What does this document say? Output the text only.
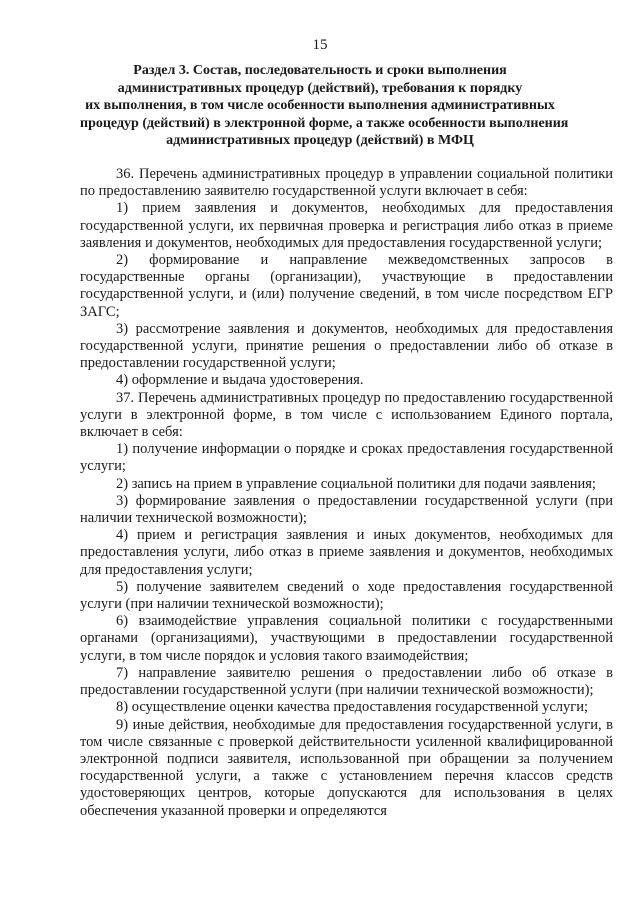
15
Раздел 3. Состав, последовательность и сроки выполнения
административных процедур (действий), требования к порядку
их выполнения, в том числе особенности выполнения административных
процедур (действий) в электронной форме, а также особенности выполнения
административных процедур (действий) в МФЦ

36. Перечень административных процедур в управлении социальной политики по предоставлению заявителю государственной услуги включает в себя:

1) прием заявления и документов, необходимых для предоставления государственной услуги, их первичная проверка и регистрация либо отказ в приеме заявления и документов, необходимых для предоставления государственной услуги;

2) формирование и направление межведомственных запросов в государственные органы (организации), участвующие в предоставлении государственной услуги, и (или) получение сведений, в том числе посредством ЕГР ЗАГС;

3) рассмотрение заявления и документов, необходимых для предоставления государственной услуги, принятие решения о предоставлении либо об отказе в предоставлении государственной услуги;

4) оформление и выдача удостоверения.

37. Перечень административных процедур по предоставлению государственной услуги в электронной форме, в том числе с использованием Единого портала, включает в себя:

1) получение информации о порядке и сроках предоставления государственной услуги;

2) запись на прием в управление социальной политики для подачи заявления;

3) формирование заявления о предоставлении государственной услуги (при наличии технической возможности);

4) прием и регистрация заявления и иных документов, необходимых для предоставления услуги, либо отказ в приеме заявления и документов, необходимых для предоставления услуги;

5) получение заявителем сведений о ходе предоставления государственной услуги (при наличии технической возможности);

6) взаимодействие управления социальной политики с государственными органами (организациями), участвующими в предоставлении государственной услуги, в том числе порядок и условия такого взаимодействия;

7) направление заявителю решения о предоставлении либо об отказе в предоставлении государственной услуги (при наличии технической возможности);

8) осуществление оценки качества предоставления государственной услуги;

9) иные действия, необходимые для предоставления государственной услуги, в том числе связанные с проверкой действительности усиленной квалифицированной электронной подписи заявителя, использованной при обращении за получением государственной услуги, а также с установлением перечня классов средств удостоверяющих центров, которые допускаются для использования в целях обеспечения указанной проверки и определяются
